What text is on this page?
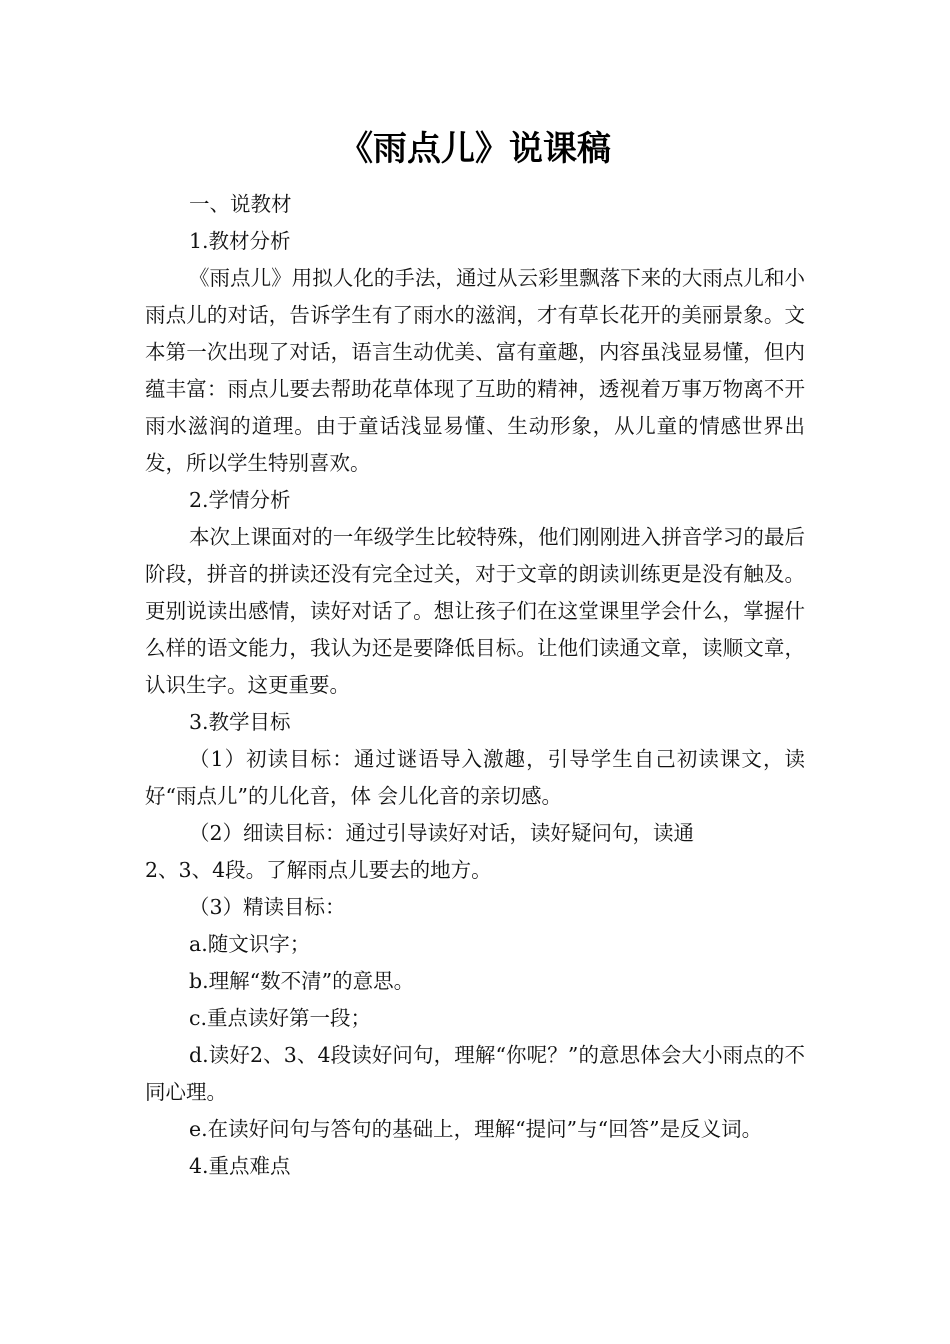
《雨点儿》说课稿

一、说教材

1.教材分析

《雨点儿》用拟人化的手法，通过从云彩里飘落下来的大雨点儿和小雨点儿的对话，告诉学生有了雨水的滋润，才有草长花开的美丽景象。文本第一次出现了对话，语言生动优美、富有童趣，内容虽浅显易懂，但内蕴丰富：雨点儿要去帮助花草体现了互助的精神，透视着万事万物离不开雨水滋润的道理。由于童话浅显易懂、生动形象，从儿童的情感世界出发，所以学生特别喜欢。

2.学情分析

本次上课面对的一年级学生比较特殊，他们刚刚进入拼音学习的最后阶段，拼音的拼读还没有完全过关，对于文章的朗读训练更是没有触及。更别说读出感情，读好对话了。想让孩子们在这堂课里学会什么，掌握什么样的语文能力，我认为还是要降低目标。让他们读通文章，读顺文章，认识生字。这更重要。

3.教学目标

（1）初读目标：通过谜语导入激趣，引导学生自己初读课文，读好“雨点儿”的儿化音，体 会儿化音的亲切感。

（2）细读目标：通过引导读好对话，读好疑问句，读通

2、3、4段。了解雨点儿要去的地方。

（3）精读目标：

a.随文识字；

b.理解“数不清”的意思。

c.重点读好第一段；

d.读好2、3、4段读好问句，理解“你呢？”的意思体会大小雨点的不同心理。

e.在读好问句与答句的基础上，理解“提问”与“回答”是反义词。

4.重点难点
